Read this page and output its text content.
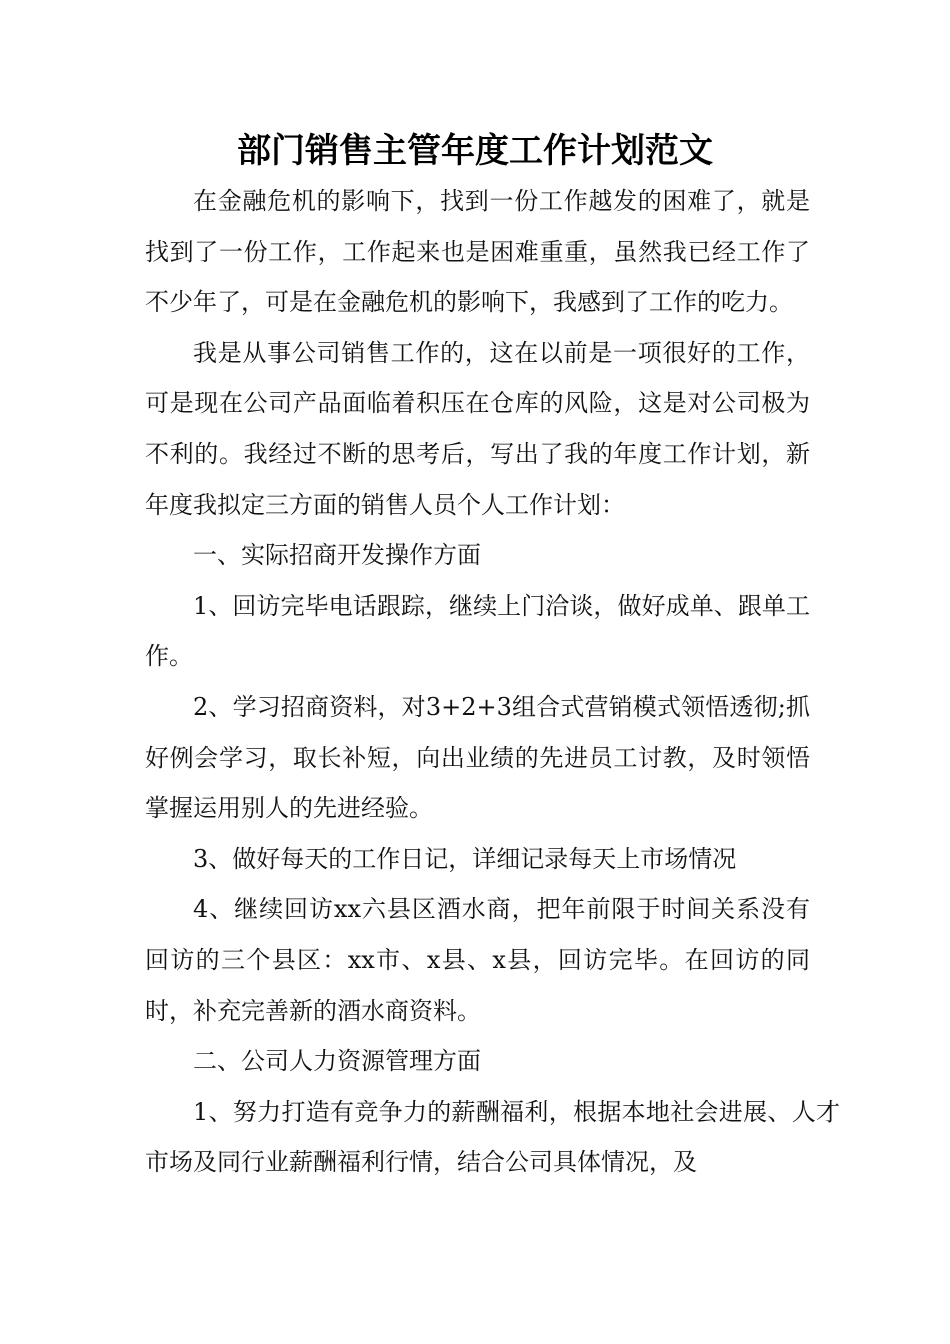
部门销售主管年度工作计划范文

在金融危机的影响下，找到一份工作越发的困难了，就是找到了一份工作，工作起来也是困难重重，虽然我已经工作了不少年了，可是在金融危机的影响下，我感到了工作的吃力。

我是从事公司销售工作的，这在以前是一项很好的工作，可是现在公司产品面临着积压在仓库的风险，这是对公司极为不利的。我经过不断的思考后，写出了我的年度工作计划，新年度我拟定三方面的销售人员个人工作计划：

一、实际招商开发操作方面

1、回访完毕电话跟踪，继续上门洽谈，做好成单、跟单工作。

2、学习招商资料，对3+2+3组合式营销模式领悟透彻;抓好例会学习，取长补短，向出业绩的先进员工讨教，及时领悟掌握运用别人的先进经验。

3、做好每天的工作日记，详细记录每天上市场情况

4、继续回访xx六县区酒水商，把年前限于时间关系没有回访的三个县区：xx市、x县、x县，回访完毕。在回访的同时，补充完善新的酒水商资料。

二、公司人力资源管理方面

1、努力打造有竞争力的薪酬福利，根据本地社会进展、人才市场及同行业薪酬福利行情，结合公司具体情况，及
